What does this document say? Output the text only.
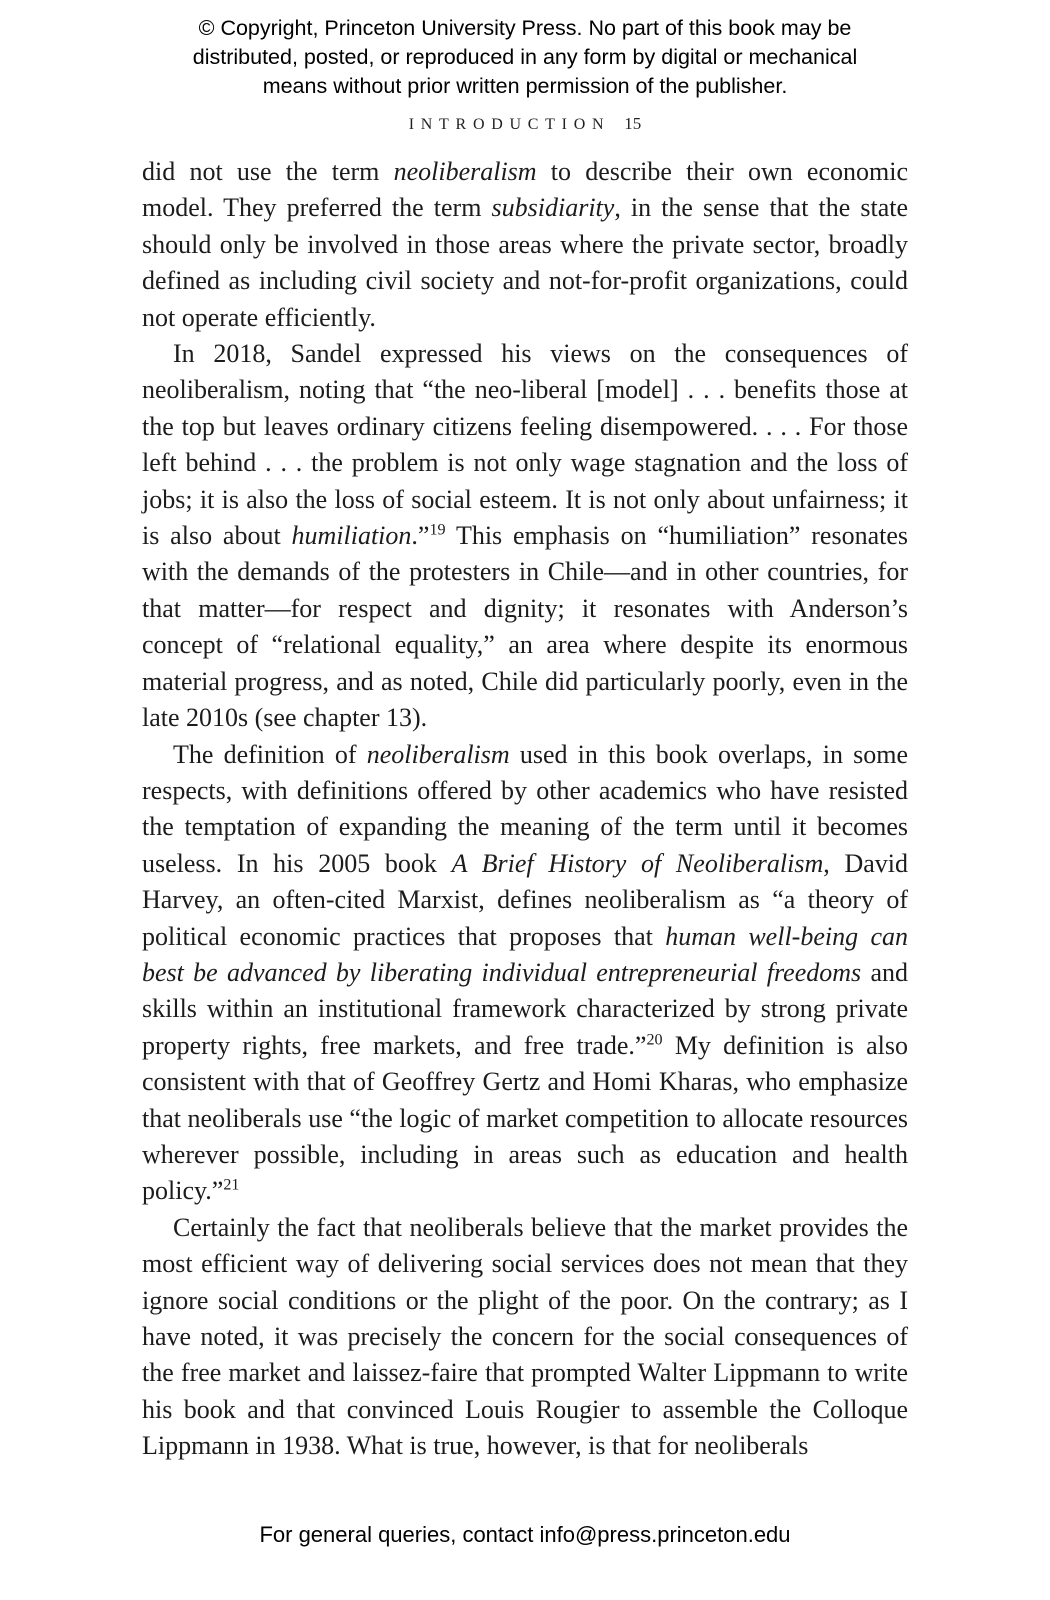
© Copyright, Princeton University Press. No part of this book may be
distributed, posted, or reproduced in any form by digital or mechanical
means without prior written permission of the publisher.
INTRODUCTION 15

did not use the term neoliberalism to describe their own economic model. They preferred the term subsidiarity, in the sense that the state should only be involved in those areas where the private sector, broadly defined as including civil society and not-for-profit organizations, could not operate efficiently.

In 2018, Sandel expressed his views on the consequences of neoliberalism, noting that “the neo-liberal [model] . . . benefits those at the top but leaves ordinary citizens feeling disempowered. . . . For those left behind . . . the problem is not only wage stagnation and the loss of jobs; it is also the loss of social esteem. It is not only about unfairness; it is also about humiliation.”$^{19}$ This emphasis on “humiliation” resonates with the demands of the protesters in Chile—and in other countries, for that matter—for respect and dignity; it resonates with Anderson’s concept of “relational equality,” an area where despite its enormous material progress, and as noted, Chile did particularly poorly, even in the late 2010s (see chapter 13).

The definition of neoliberalism used in this book overlaps, in some respects, with definitions offered by other academics who have resisted the temptation of expanding the meaning of the term until it becomes useless. In his 2005 book A Brief History of Neoliberalism, David Harvey, an often-cited Marxist, defines neoliberalism as “a theory of political economic practices that proposes that human well-being can best be advanced by liberating individual entrepreneurial freedoms and skills within an institutional framework characterized by strong private property rights, free markets, and free trade.”$^{20}$ My definition is also consistent with that of Geoffrey Gertz and Homi Kharas, who emphasize that neoliberals use “the logic of market competition to allocate resources wherever possible, including in areas such as education and health policy.”$^{21}$

Certainly the fact that neoliberals believe that the market provides the most efficient way of delivering social services does not mean that they ignore social conditions or the plight of the poor. On the contrary; as I have noted, it was precisely the concern for the social consequences of the free market and laissez-faire that prompted Walter Lippmann to write his book and that convinced Louis Rougier to assemble the Colloque Lippmann in 1938. What is true, however, is that for neoliberals

For general queries, contact info@press.princeton.edu
